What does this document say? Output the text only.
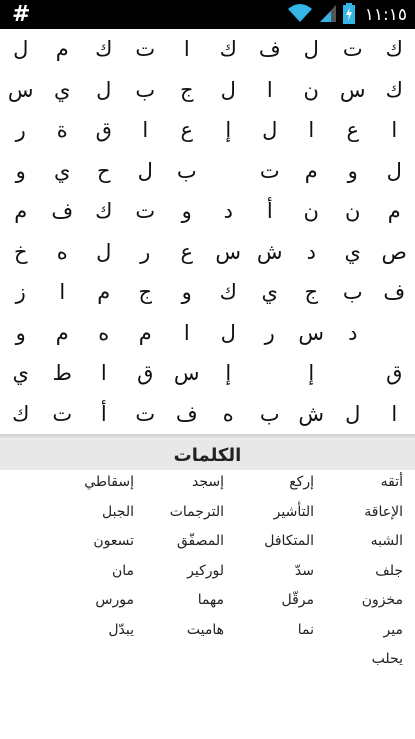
#	١١:١٥
ك
ت
ل
ف
ك
ا
ت
ك
م
ل
ك
س
ن
ا
ل
ج
ب
ل
ي
س
ا
ع
ا
ل
إ
ع
ا
ق
ة
ر
ل
و
م
ت
ب
ل
ح
ي
و
م
ن
ن
أ
د
و
ت
ك
ف
م
ص
ي
د
ش
س
ع
ر
ل
ه
خ
ف
ب
ج
ي
ك
و
ج
م
ا
ز
د
س
ر
ل
ا
م
ه
م
و
ق
إ
إ
س
ق
ا
ط
ي
ا
ل
ش
ب
ه
ف
ت
أ
ت
ك
الكلمات
أتقه
الإعاقة
الشبه
جلف
مخزون
مير
يحلب
إركع
التأشير
المتكافل
سدّ
مرقّل
نما
إسجد
الترجمات
المصفّق
لوركير
مهما
هاميت
إسقاطي
الجبل
تسعون
مان
مورس
يبدّل
